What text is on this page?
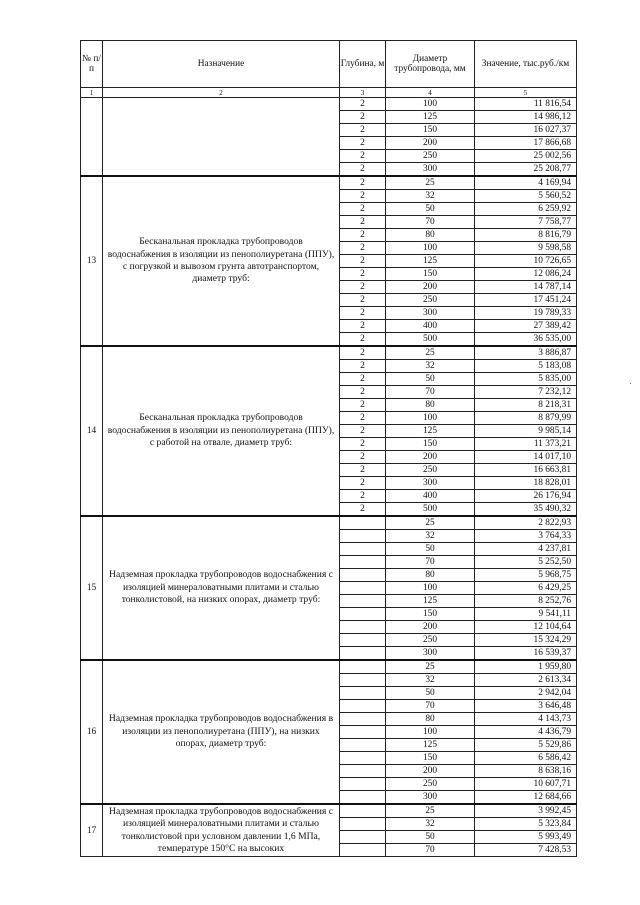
№ п/п	Назначение	Глубина, м	Диаметр трубопровода, мм	Значение, тыс.руб./км
1	2	3	4	5
		2	100	11 816,54
		2	125	14 986,12
		2	150	16 027,37
		2	200	17 866,68
		2	250	25 002,56
		2	300	25 208,77
13	Бесканальная прокладка трубопроводов водоснабжения в изоляции из пенополиуретана (ППУ), с погрузкой и вывозом грунта автотранспортом, диаметр труб:	2	25	4 169,94
		2	32	5 560,52
		2	50	6 259,92
		2	70	7 758,77
		2	80	8 816,79
		2	100	9 598,58
		2	125	10 726,65
		2	150	12 086,24
		2	200	14 787,14
		2	250	17 451,24
		2	300	19 789,33
		2	400	27 389,42
		2	500	36 535,00
14	Бесканальная прокладка трубопроводов водоснабжения в изоляции из пенополиуретана (ППУ), с работой на отвале, диаметр труб:	2	25	3 886,87
		2	32	5 183,08
		2	50	5 835,00
		2	70	7 232,12
		2	80	8 218,31
		2	100	8 879,99
		2	125	9 985,14
		2	150	11 373,21
		2	200	14 017,10
		2	250	16 663,81
		2	300	18 828,01
		2	400	26 176,94
		2	500	35 490,32
15	Надземная прокладка трубопроводов водоснабжения с изоляцией минераловатными плитами и сталью тонколистовой, на низких опорах, диаметр труб:		25	2 822,93
			32	3 764,33
			50	4 237,81
			70	5 252,50
			80	5 968,75
			100	6 429,25
			125	8 252,76
			150	9 541,11
			200	12 104,64
			250	15 324,29
			300	16 539,37
16	Надземная прокладка трубопроводов водоснабжения в изоляции из пенополиуретана (ППУ), на низких опорах, диаметр труб:		25	1 959,80
			32	2 613,34
			50	2 942,04
			70	3 646,48
			80	4 143,73
			100	4 436,79
			125	5 529,86
			150	6 586,42
			200	8 638,16
			250	10 607,71
			300	12 684,66
17	Надземная прокладка трубопроводов водоснабжения с изоляцией минераловатными плитами и сталью тонколистовой при условном давлении 1,6 МПа, температуре 150°С на высоких		25	3 992,45
			32	5 323,84
			50	5 993,49
			70	7 428,53
·
